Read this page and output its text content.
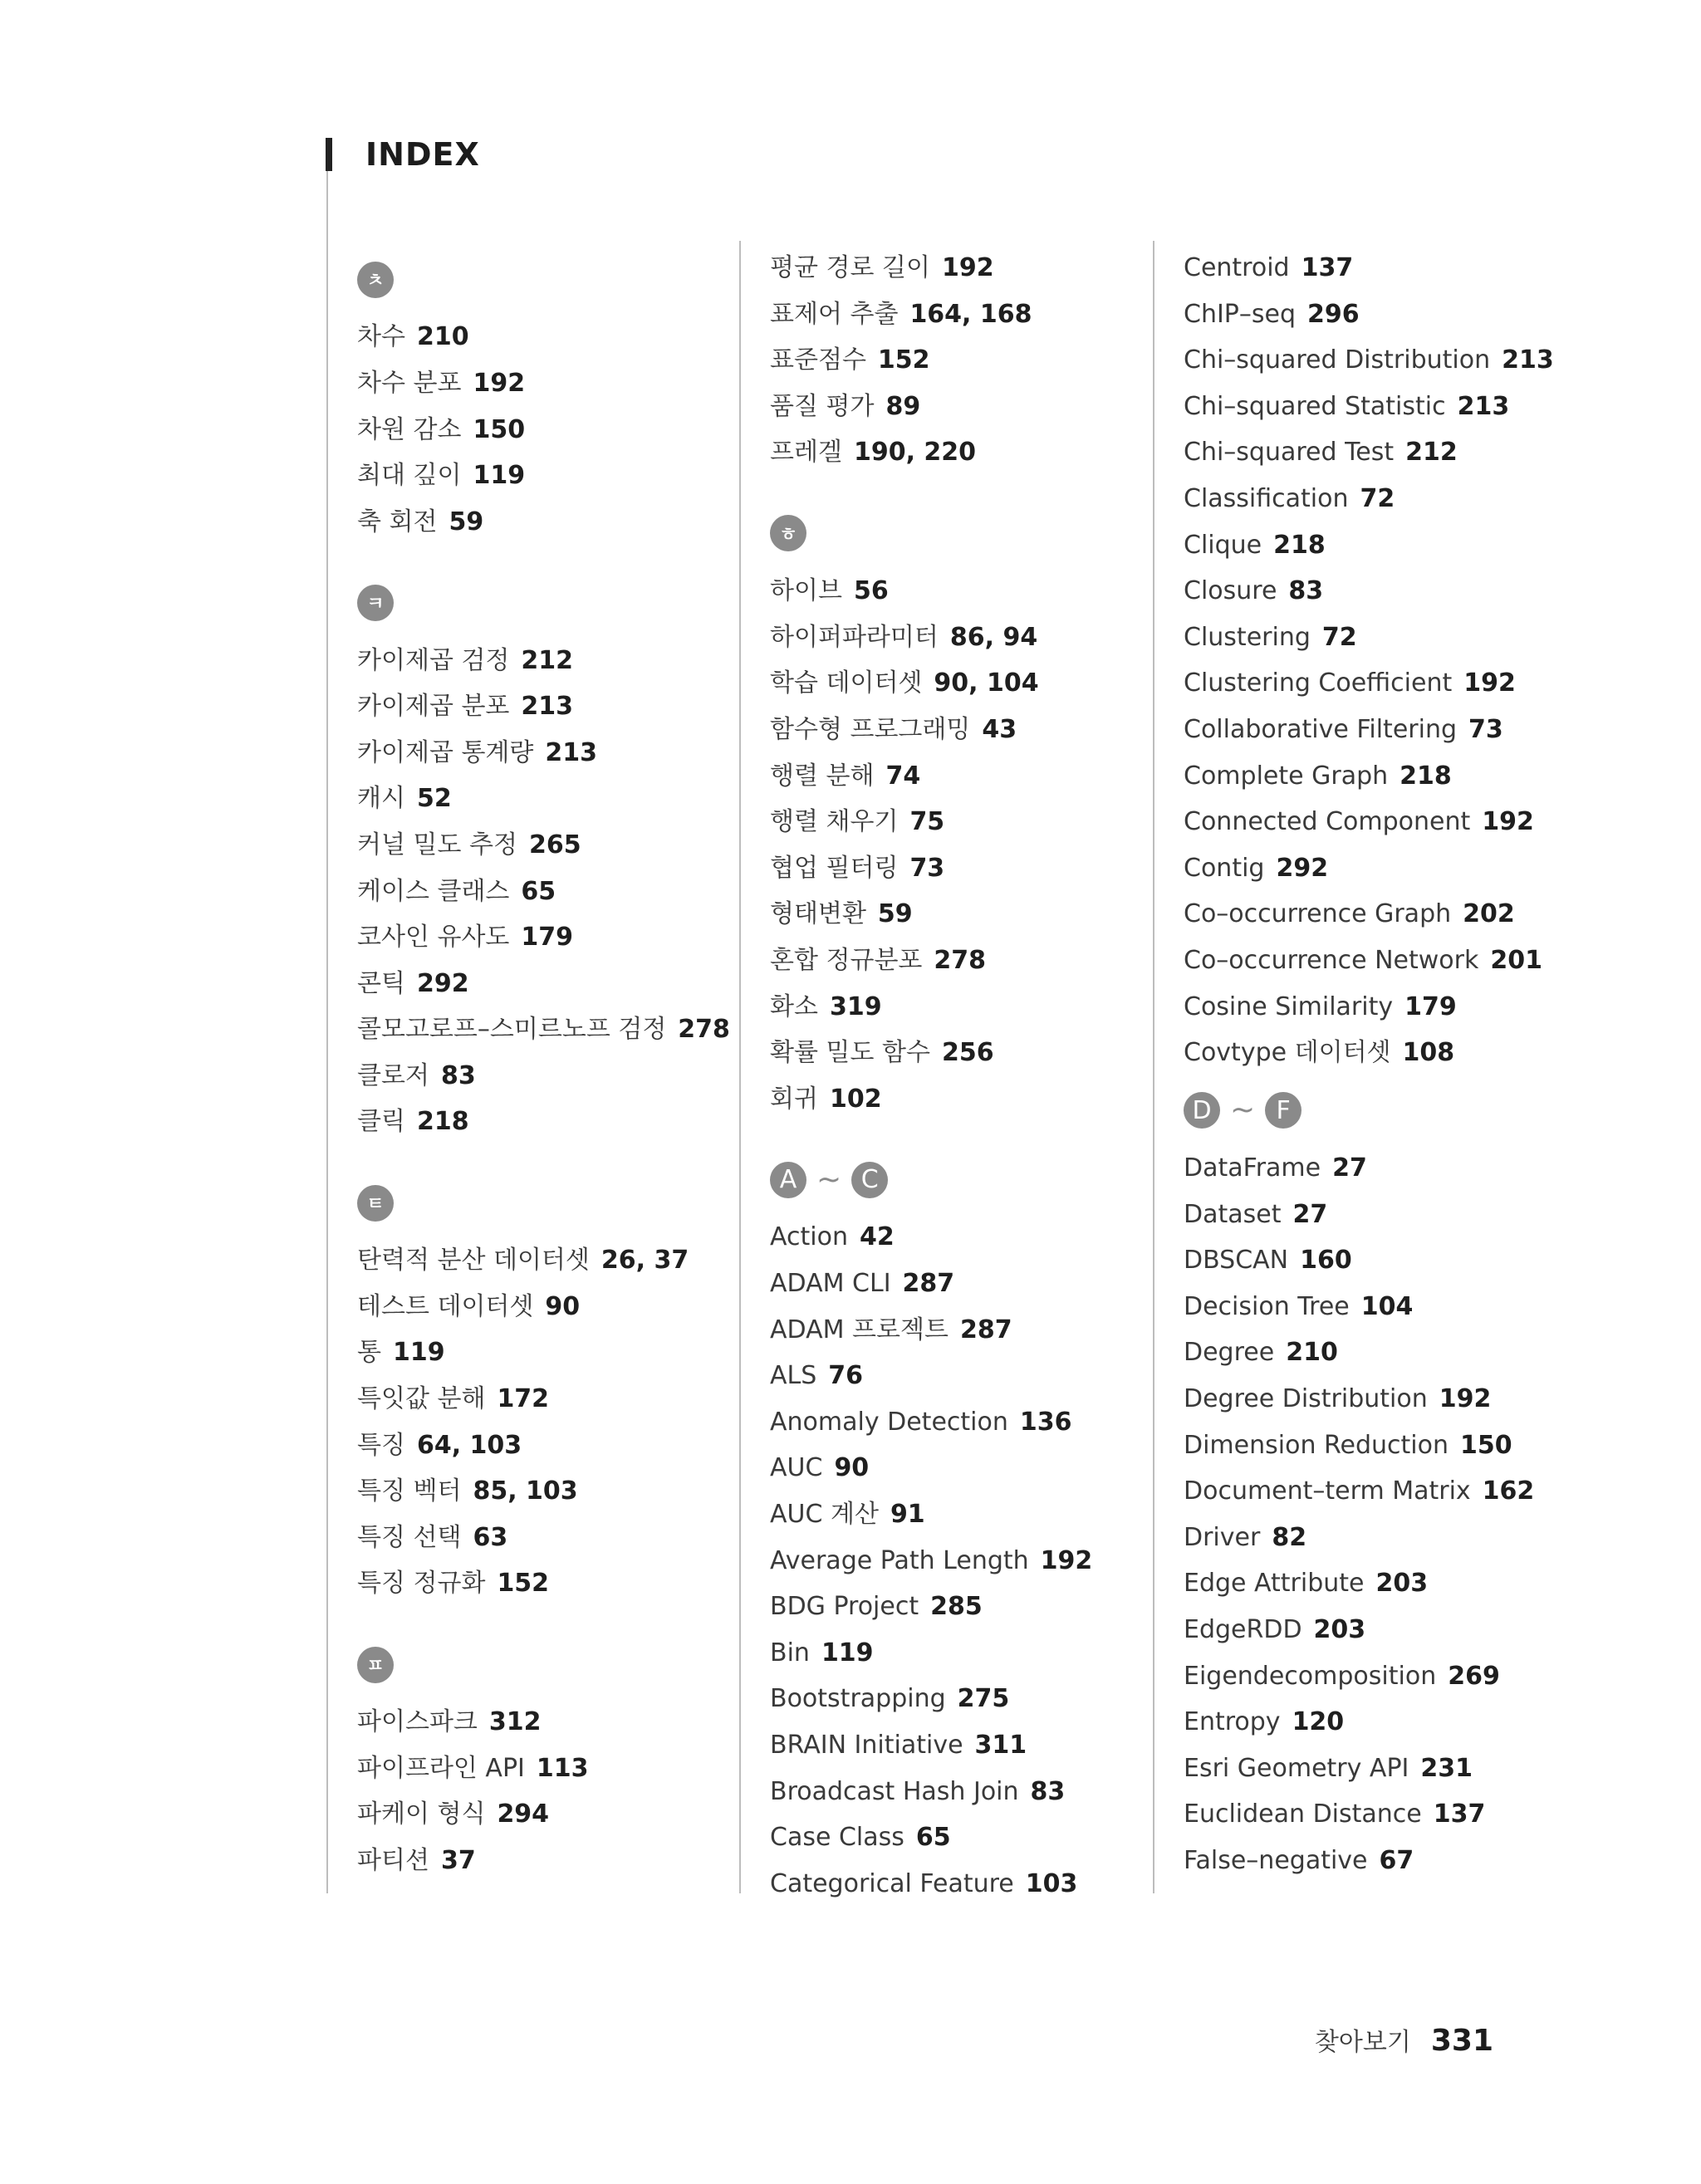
INDEX
ㅊ
차수 210
차수 분포 192
차원 감소 150
최대 깊이 119
축 회전 59
ㅋ
카이제곱 검정 212
카이제곱 분포 213
카이제곱 통계량 213
캐시 52
커널 밀도 추정 265
케이스 클래스 65
코사인 유사도 179
콘틱 292
콜모고로프–스미르노프 검정 278
클로저 83
클릭 218
ㅌ
탄력적 분산 데이터셋 26, 37
테스트 데이터셋 90
통 119
특잇값 분해 172
특징 64, 103
특징 벡터 85, 103
특징 선택 63
특징 정규화 152
ㅍ
파이스파크 312
파이프라인 API 113
파케이 형식 294
파티션 37
평균 경로 길이 192
표제어 추출 164, 168
표준점수 152
품질 평가 89
프레겔 190, 220
ㅎ
하이브 56
하이퍼파라미터 86, 94
학습 데이터셋 90, 104
함수형 프로그래밍 43
행렬 분해 74
행렬 채우기 75
협업 필터링 73
형태변환 59
혼합 정규분포 278
화소 319
확률 밀도 함수 256
회귀 102
A ~ C
Action 42
ADAM CLI 287
ADAM 프로젝트 287
ALS 76
Anomaly Detection 136
AUC 90
AUC 계산 91
Average Path Length 192
BDG Project 285
Bin 119
Bootstrapping 275
BRAIN Initiative 311
Broadcast Hash Join 83
Case Class 65
Categorical Feature 103
Centroid 137
ChIP–seq 296
Chi–squared Distribution 213
Chi–squared Statistic 213
Chi–squared Test 212
Classification 72
Clique 218
Closure 83
Clustering 72
Clustering Coefficient 192
Collaborative Filtering 73
Complete Graph 218
Connected Component 192
Contig 292
Co–occurrence Graph 202
Co–occurrence Network 201
Cosine Similarity 179
Covtype 데이터셋 108
D ~ F
DataFrame 27
Dataset 27
DBSCAN 160
Decision Tree 104
Degree 210
Degree Distribution 192
Dimension Reduction 150
Document–term Matrix 162
Driver 82
Edge Attribute 203
EdgeRDD 203
Eigendecomposition 269
Entropy 120
Esri Geometry API 231
Euclidean Distance 137
False–negative 67
찾아보기 331
